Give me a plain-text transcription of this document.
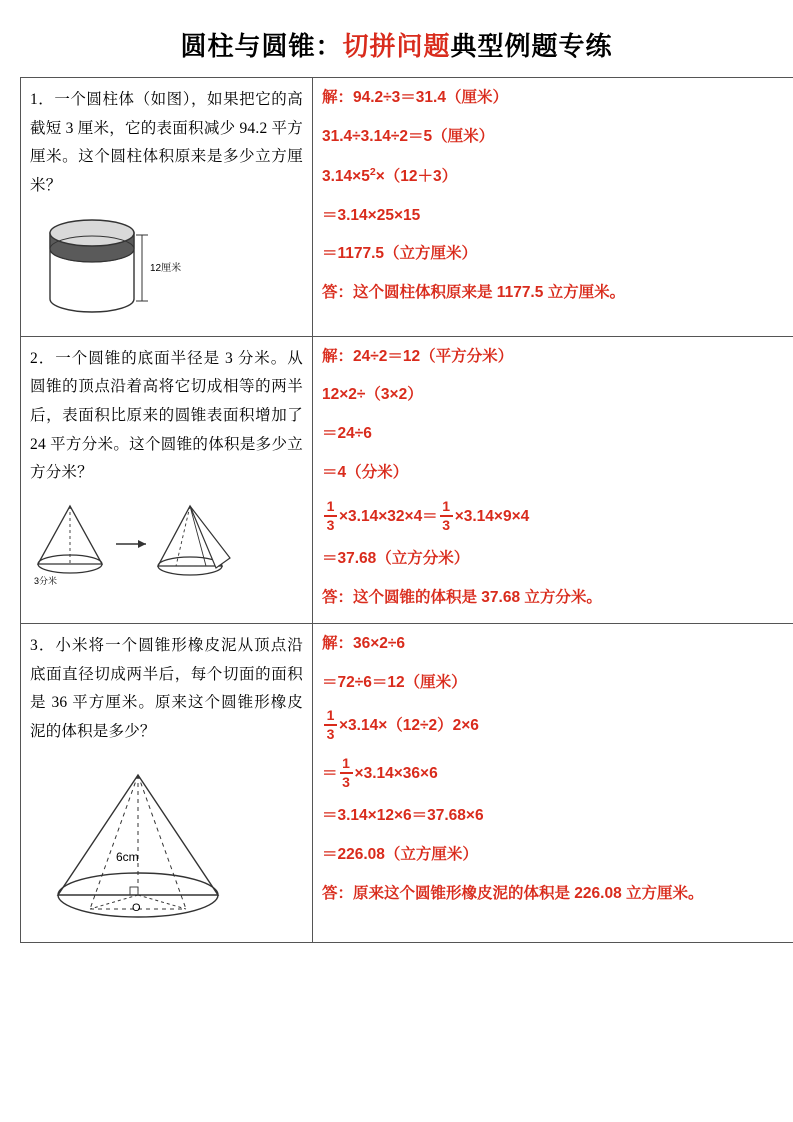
圆柱与圆锥：切拼问题典型例题专练
1．一个圆柱体（如图），如果把它的高截短 3 厘米，它的表面积减少 94.2 平方厘米。这个圆柱体积原来是多少立方厘米？
12厘米

解：94.2÷3＝31.4（厘米）
31.4÷3.14÷2＝5（厘米）
$3.14\times 5^2\times(12+3)$
＝3.14×25×15
＝1177.5（立方厘米）
答：这个圆柱体积原来是 1177.5 立方厘米。

2．一个圆锥的底面半径是 3 分米。从圆锥的顶点沿着高将它切成相等的两半后，表面积比原来的圆锥表面积增加了 24 平方分米。这个圆锥的体积是多少立方分米？
3分米

解：24÷2＝12（平方分米）
12×2÷（3×2）
＝24÷6
＝4（分米）
$\frac{1}{3} \times 3.14\times 32\times 4= \frac{1}{3} \times 3.14\times 9\times 4$
＝37.68（立方分米）
答：这个圆锥的体积是 37.68 立方分米。

3．小米将一个圆锥形橡皮泥从顶点沿底面直径切成两半后，每个切面的面积是 36 平方厘米。原来这个圆锥形橡皮泥的体积是多少？
6cm
O

解：36×2÷6
＝72÷6＝12（厘米）
$\frac{1}{3} \times 3.14\times(12\div 2)2\times 6$
＝ $\frac{1}{3} \times 3.14\times 36\times 6$
＝3.14×12×6＝37.68×6
＝226.08（立方厘米）
答：原来这个圆锥形橡皮泥的体积是 226.08 立方厘米。
